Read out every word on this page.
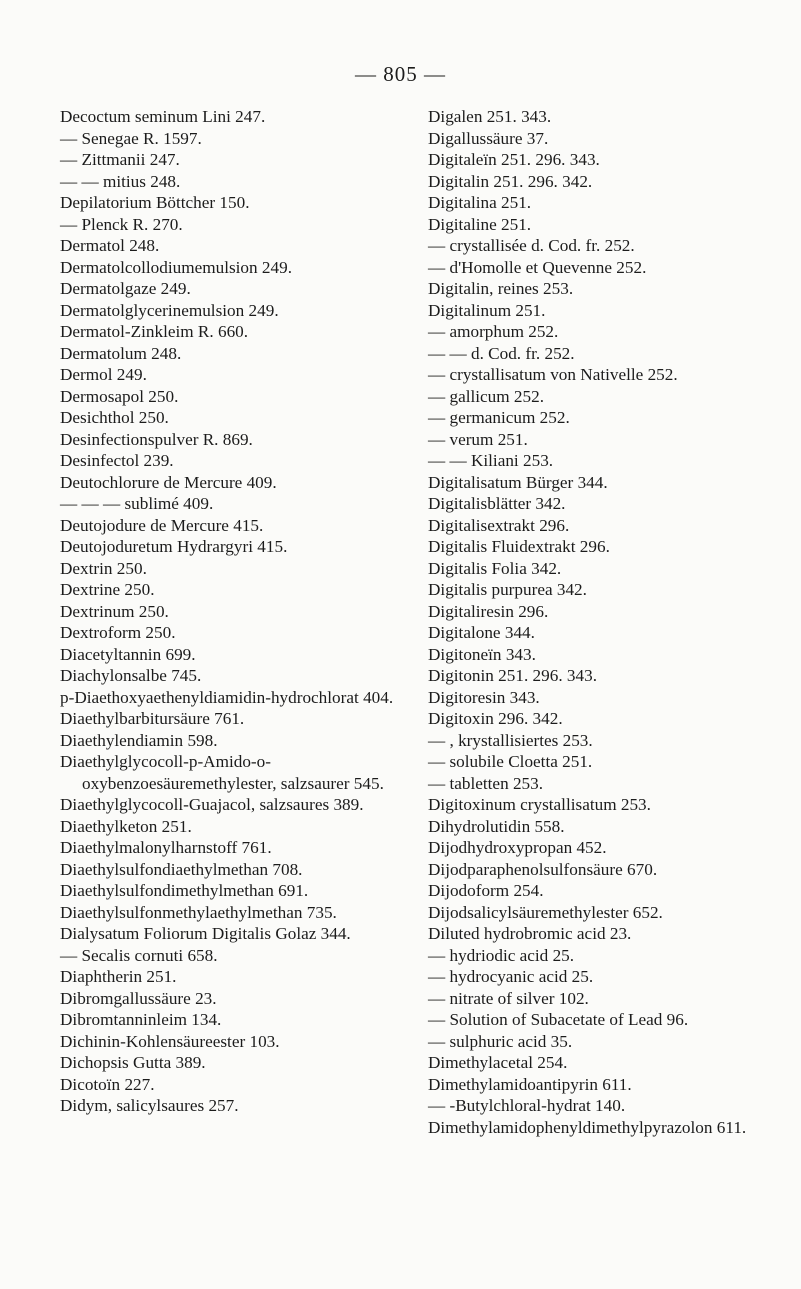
— 805 —
Decoctum seminum Lini 247.
— Senegae R. 1597.
— Zittmanii 247.
— — mitius 248.
Depilatorium Böttcher 150.
— Plenck R. 270.
Dermatol 248.
Dermatolcollodiumemulsion 249.
Dermatolgaze 249.
Dermatolglycerinemulsion 249.
Dermatol-Zinkleim R. 660.
Dermatolum 248.
Dermol 249.
Dermosapol 250.
Desichthol 250.
Desinfectionspulver R. 869.
Desinfectol 239.
Deutochlorure de Mercure 409.
— — — sublimé 409.
Deutojodure de Mercure 415.
Deutojoduretum Hydrargyri 415.
Dextrin 250.
Dextrine 250.
Dextrinum 250.
Dextroform 250.
Diacetyltannin 699.
Diachylonsalbe 745.
p-Diaethoxyaethenyldiamidin-hydrochlorat 404.
Diaethylbarbitursäure 761.
Diaethylendiamin 598.
Diaethylglycocoll-p-Amido-o-oxybenzoesäuremethylester, salzsaurer 545.
Diaethylglycocoll-Guajacol, salzsaures 389.
Diaethylketon 251.
Diaethylmalonylharnstoff 761.
Diaethylsulfondiaethylmethan 708.
Diaethylsulfondimethylmethan 691.
Diaethylsulfonmethylaethylmethan 735.
Dialysatum Foliorum Digitalis Golaz 344.
— Secalis cornuti 658.
Diaphtherin 251.
Dibromgallussäure 23.
Dibromtanninleim 134.
Dichinin-Kohlensäureester 103.
Dichopsis Gutta 389.
Dicotoïn 227.
Didym, salicylsaures 257.
Digalen 251. 343.
Digallussäure 37.
Digitaleïn 251. 296. 343.
Digitalin 251. 296. 342.
Digitalina 251.
Digitaline 251.
— crystallisée d. Cod. fr. 252.
— d'Homolle et Quevenne 252.
Digitalin, reines 253.
Digitalinum 251.
— amorphum 252.
— — d. Cod. fr. 252.
— crystallisatum von Nativelle 252.
— gallicum 252.
— germanicum 252.
— verum 251.
— — Kiliani 253.
Digitalisatum Bürger 344.
Digitalisblätter 342.
Digitalisextrakt 296.
Digitalis Fluidextrakt 296.
Digitalis Folia 342.
Digitalis purpurea 342.
Digitaliresin 296.
Digitalone 344.
Digitoneïn 343.
Digitonin 251. 296. 343.
Digitoresin 343.
Digitoxin 296. 342.
— , krystallisiertes 253.
— solubile Cloetta 251.
— tabletten 253.
Digitoxinum crystallisatum 253.
Dihydrolutidin 558.
Dijodhydroxypropan 452.
Dijodparaphenolsulfonsäure 670.
Dijodoform 254.
Dijodsalicylsäuremethylester 652.
Diluted hydrobromic acid 23.
— hydriodic acid 25.
— hydrocyanic acid 25.
— nitrate of silver 102.
— Solution of Subacetate of Lead 96.
— sulphuric acid 35.
Dimethylacetal 254.
Dimethylamidoantipyrin 611.
— -Butylchloral-hydrat 140.
Dimethylamidophenyldimethylpyrazolon 611.
